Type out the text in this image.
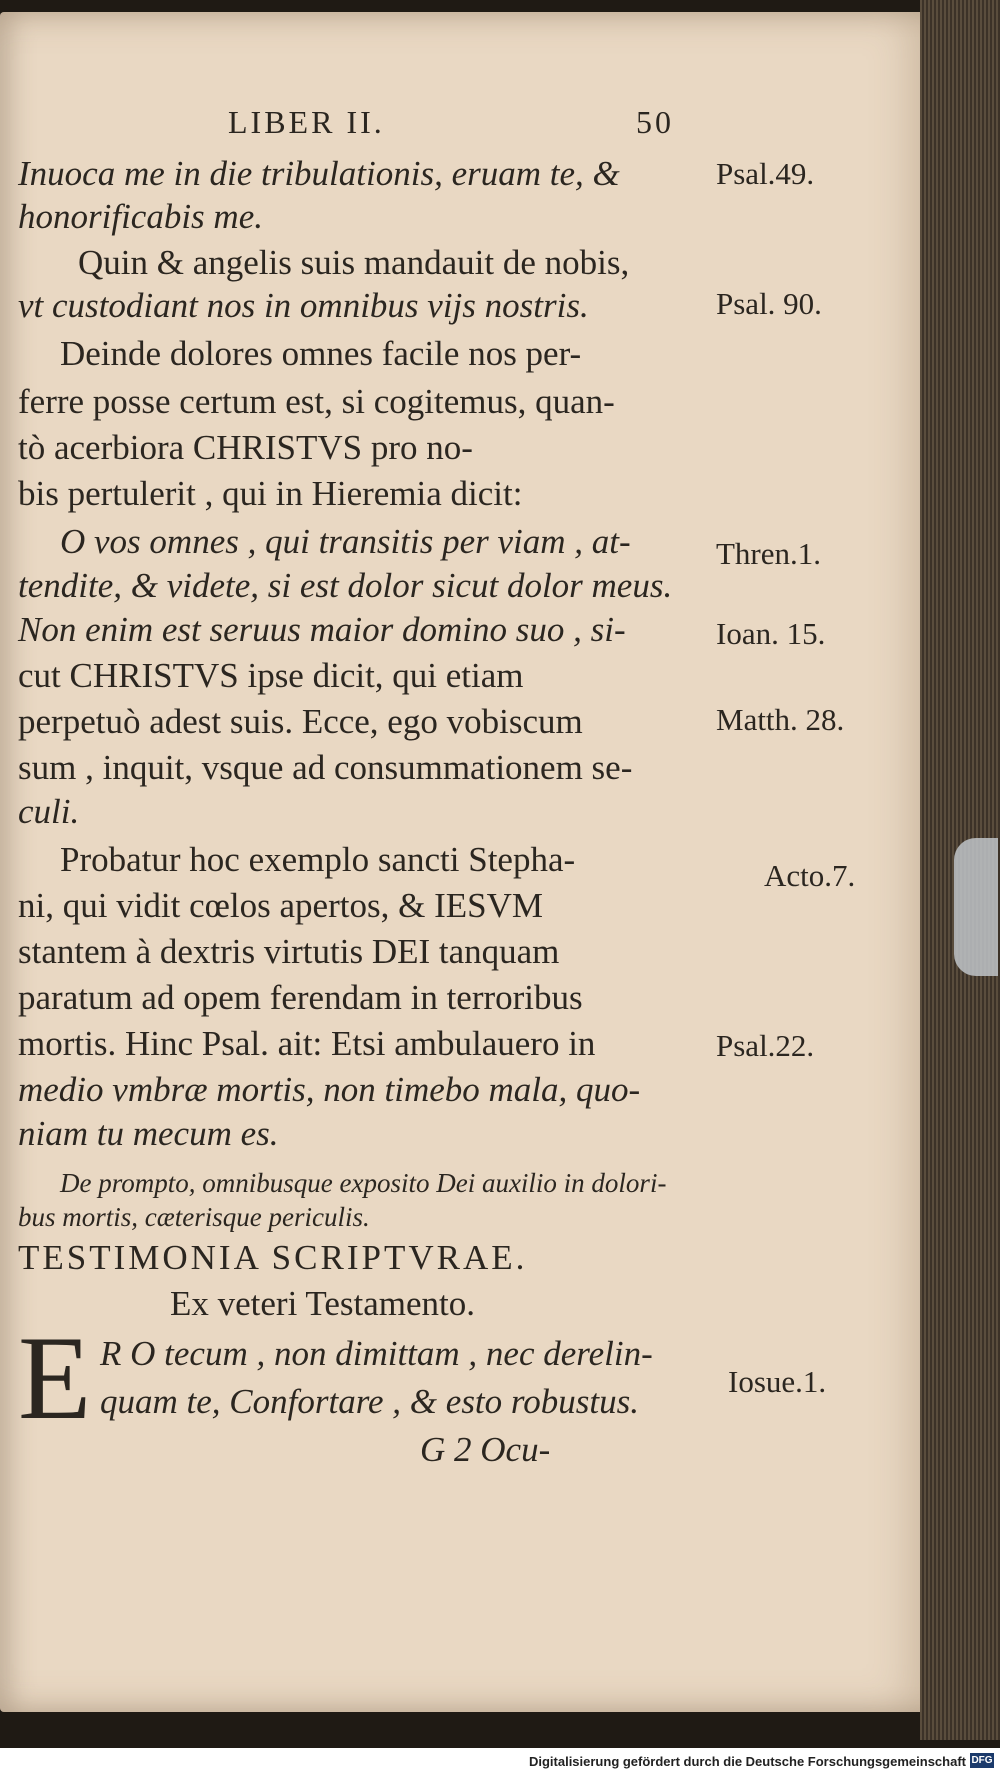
LIBER II.	50
Inuoca me in die tribulationis, eruam te, &
honorificabis me.
Quin & angelis suis mandauit de nobis,
vt custodiant nos in omnibus vijs nostris.
Deinde dolores omnes facile nos per-
ferre posse certum est, si cogitemus, quan-
tò acerbiora CHRISTVS pro no-
bis pertulerit , qui in Hieremia dicit:
O vos omnes , qui transitis per viam , at-
tendite, & videte, si est dolor sicut dolor meus.
Non enim est seruus maior domino suo , si-
cut CHRISTVS ipse dicit, qui etiam
perpetuò adest suis. Ecce, ego vobiscum
sum , inquit, vsque ad consummationem se-
culi.
Probatur hoc exemplo sancti Stepha-
ni, qui vidit cœlos apertos, & IESVM
stantem à dextris virtutis DEI tanquam
paratum ad opem ferendam in terroribus
mortis. Hinc Psal. ait: Etsi ambulauero in
medio vmbræ mortis, non timebo mala, quo-
niam tu mecum es.
De prompto, omnibusque exposito Dei auxilio in dolori-
bus mortis, cæterisque periculis.
TESTIMONIA SCRIPTVRAE.
Ex veteri Testamento.
E R O tecum , non dimittam , nec derelin-
quam te, Confortare , & esto robustus.
G 2 Ocu-
Psal.49.
Psal. 90.
Thren.1.
Ioan. 15.
Matth. 28.
Acto.7.
Psal.22.
Iosue.1.
Digitalisierung gefördert durch die Deutsche Forschungsgemeinschaft DFG
